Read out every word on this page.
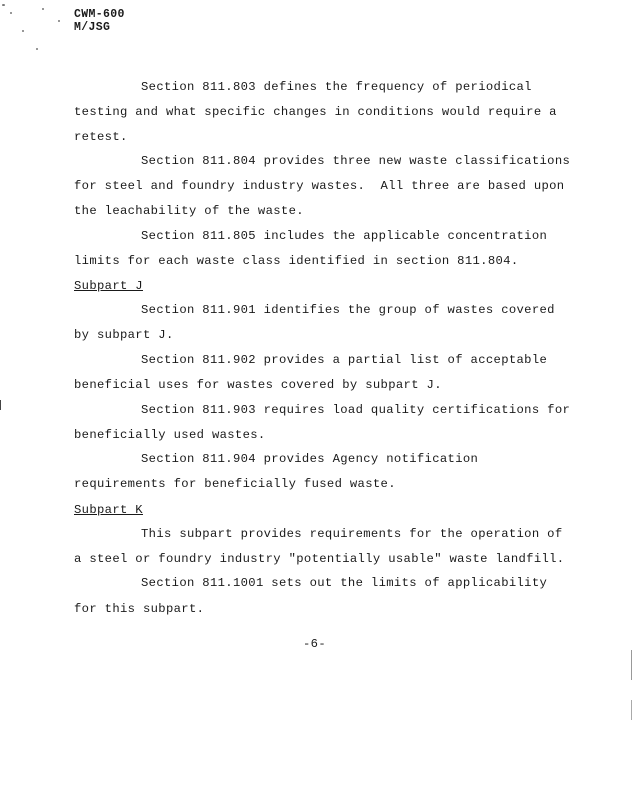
CWM-600
M/JSG
Section 811.803 defines the frequency of periodical
testing and what specific changes in conditions would require a
retest.
Section 811.804 provides three new waste classifications
for steel and foundry industry wastes.  All three are based upon
the leachability of the waste.
Section 811.805 includes the applicable concentration
limits for each waste class identified in section 811.804.
Subpart J
Section 811.901 identifies the group of wastes covered
by subpart J.
Section 811.902 provides a partial list of acceptable
beneficial uses for wastes covered by subpart J.
Section 811.903 requires load quality certifications for
beneficially used wastes.
Section 811.904 provides Agency notification
requirements for beneficially fused waste.
Subpart K
This subpart provides requirements for the operation of
a steel or foundry industry "potentially usable" waste landfill.
Section 811.1001 sets out the limits of applicability
for this subpart.
-6-
